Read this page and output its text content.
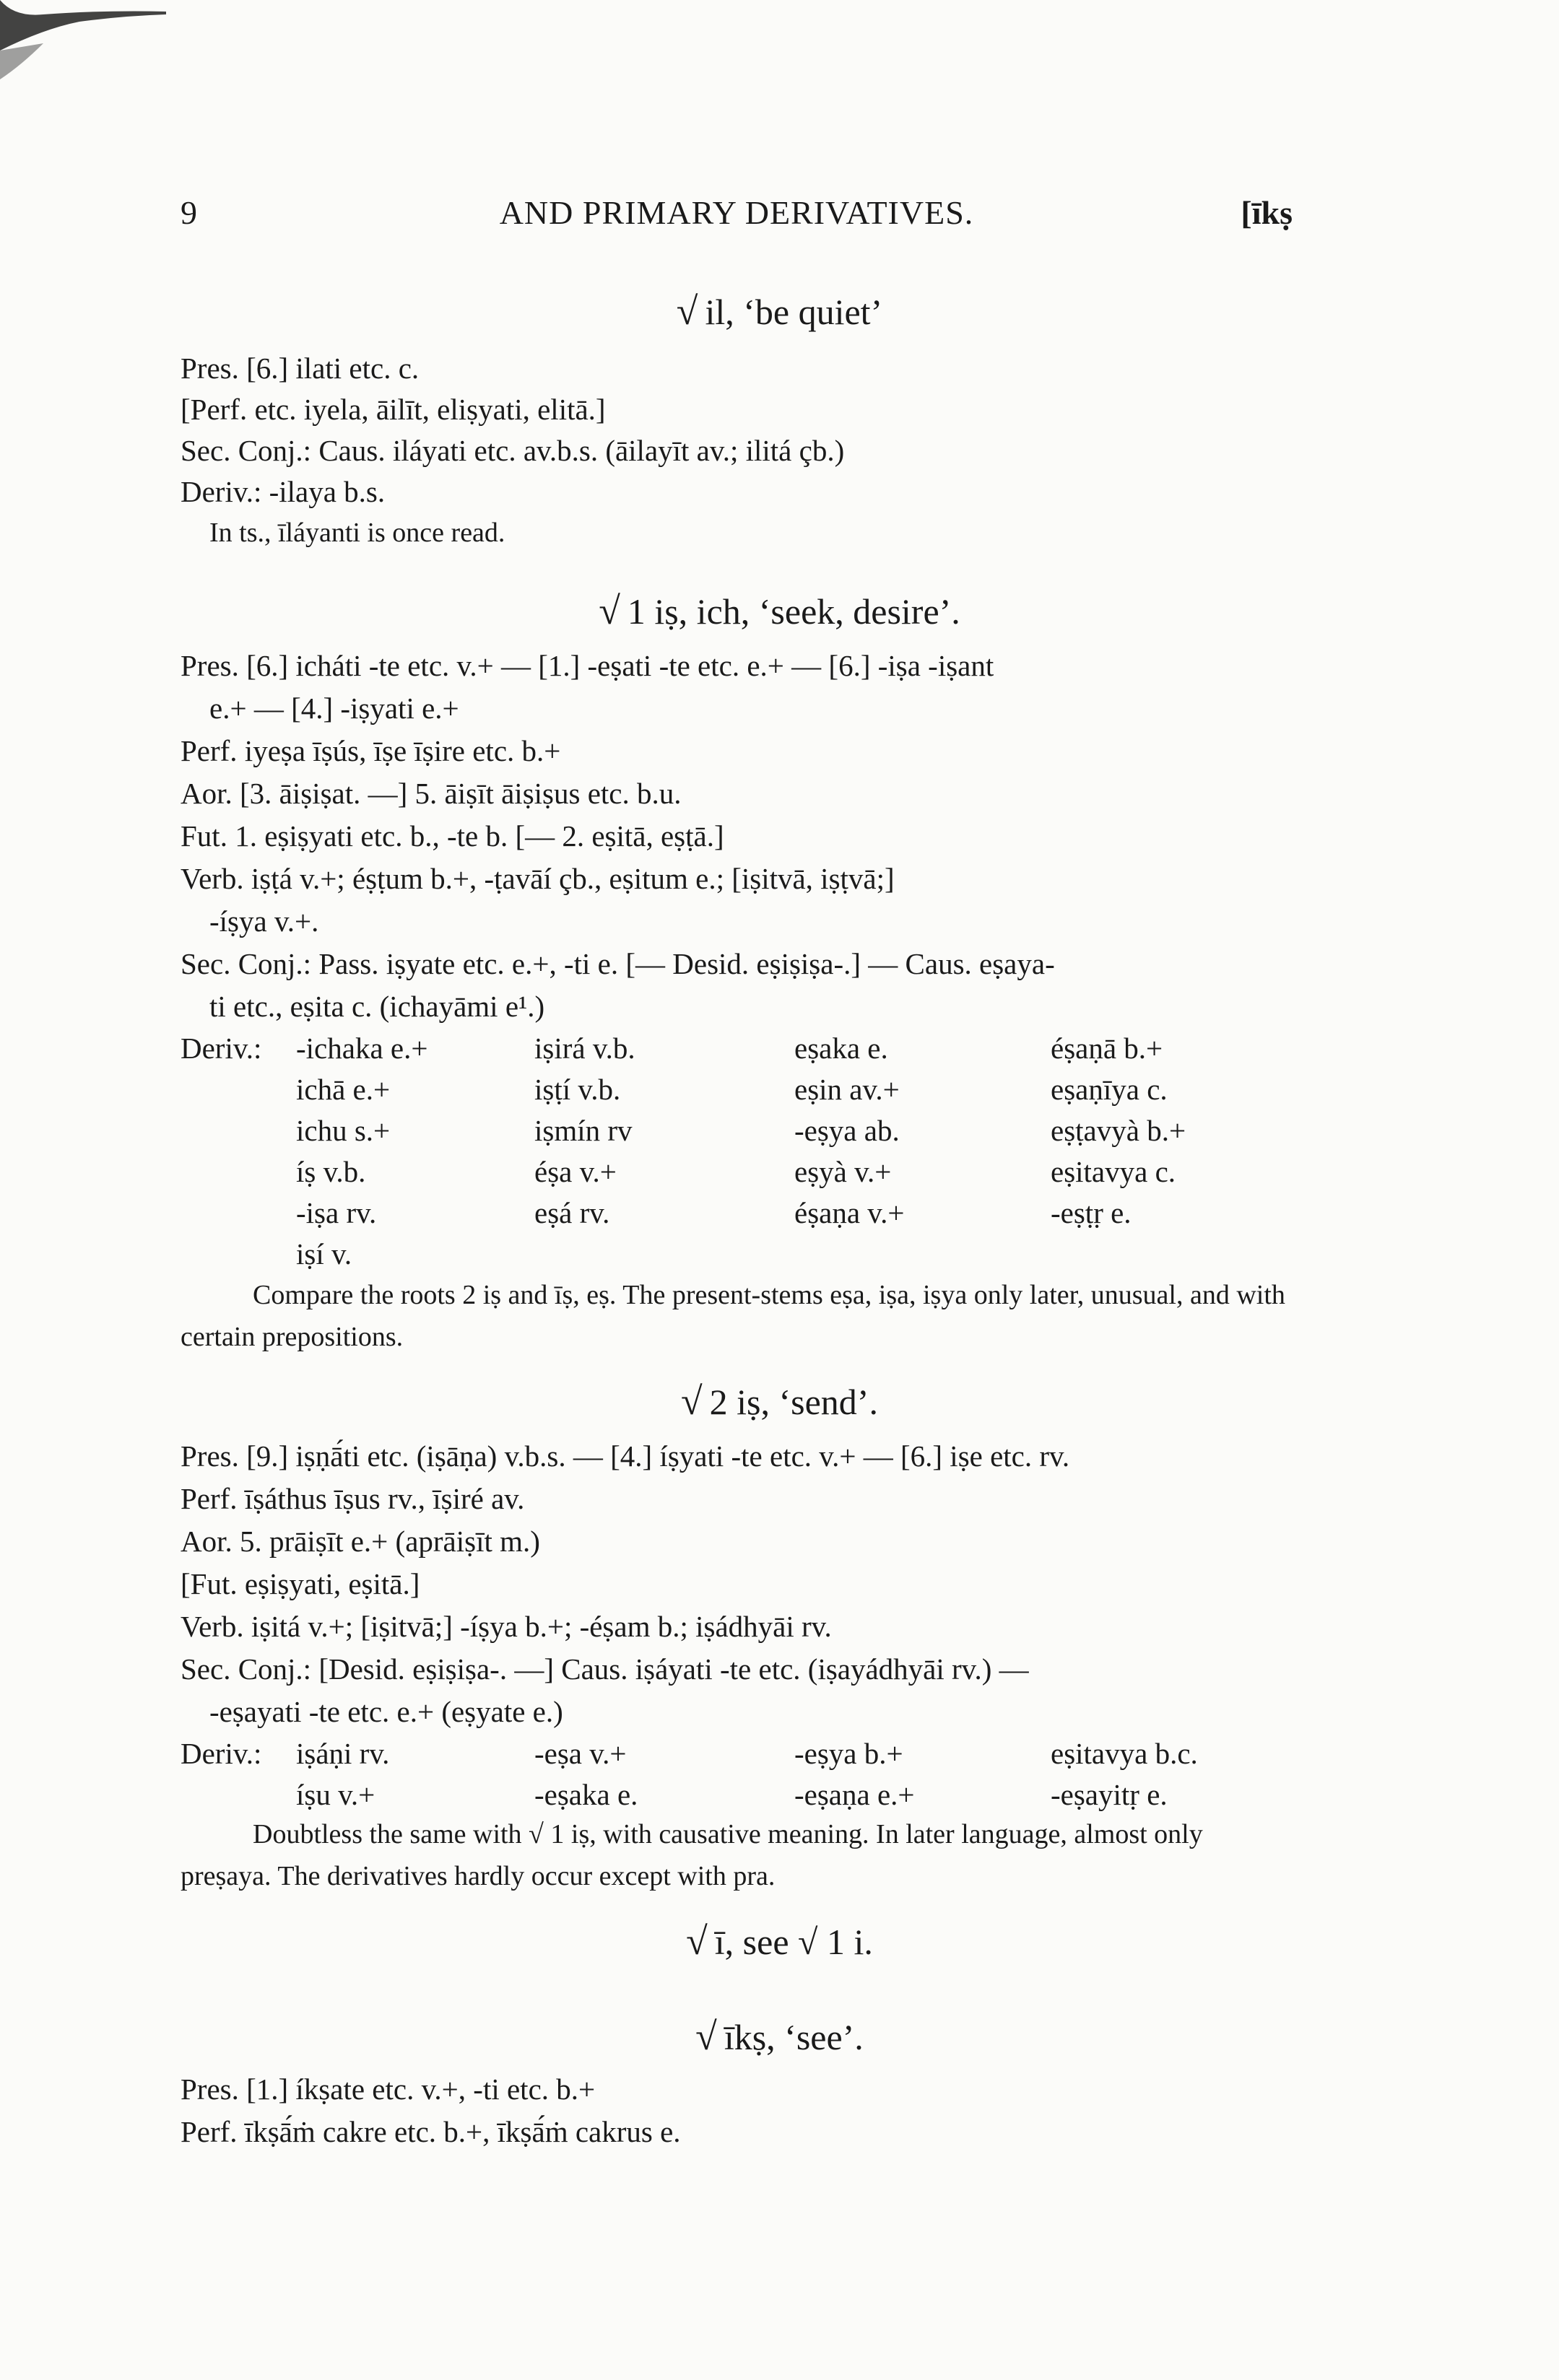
9	AND PRIMARY DERIVATIVES.	[īkṣ
√ il, ‘be quiet’
Pres. [6.] ilati etc. c.
[Perf. etc. iyela, āilīt, eliṣyati, elitā.]
Sec. Conj.: Caus. iláyati etc. av.b.s. (āilayīt av.; ilitá çb.)
Deriv.: -ilaya b.s.
In ts., īláyanti is once read.
√ 1 iṣ, ich, ‘seek, desire’.
Pres. [6.] icháti -te etc. v.+ — [1.] -eṣati -te etc. e.+ — [6.] -iṣa -iṣant
e.+ — [4.] -iṣyati e.+
Perf. iyeṣa īṣús, īṣe īṣire etc. b.+
Aor. [3. āiṣiṣat. —] 5. āiṣīt āiṣiṣus etc. b.u.
Fut. 1. eṣiṣyati etc. b., -te b. [— 2. eṣitā, eṣṭā.]
Verb. iṣṭá v.+; éṣṭum b.+, -ṭavāí çb., eṣitum e.; [iṣitvā, iṣṭvā;]
-íṣya v.+.
Sec. Conj.: Pass. iṣyate etc. e.+, -ti e. [— Desid. eṣiṣiṣa-.] — Caus. eṣaya-
ti etc., eṣita c. (ichayāmi e¹.)
Deriv.: -ichaka e.+
ichā e.+
ichu s.+
íṣ v.b.
-iṣa rv.
iṣí v.
iṣirá v.b.
iṣṭí v.b.
iṣmín rv
éṣa v.+
eṣá rv.
eṣaka e.
eṣin av.+
-eṣya ab.
eṣyà v.+
éṣaṇa v.+
éṣaṇā b.+
eṣaṇīya c.
eṣṭavyà b.+
eṣitavya c.
-eṣṭṛ e.
Compare the roots 2 iṣ and īṣ, eṣ. The present-stems eṣa, iṣa, iṣya only later, unusual, and with certain prepositions.
√ 2 iṣ, ‘send’.
Pres. [9.] iṣṇā́ti etc. (iṣāṇa) v.b.s. — [4.] íṣyati -te etc. v.+ — [6.] iṣe etc. rv.
Perf. īṣáthus īṣus rv., īṣiré av.
Aor. 5. prāiṣīt e.+ (aprāiṣīt m.)
[Fut. eṣiṣyati, eṣitā.]
Verb. iṣitá v.+; [iṣitvā;] -íṣya b.+; -éṣam b.; iṣádhyāi rv.
Sec. Conj.: [Desid. eṣiṣiṣa-. —] Caus. iṣáyati -te etc. (iṣayádhyāi rv.) —
-eṣayati -te etc. e.+ (eṣyate e.)
Deriv.: iṣáṇi rv.
íṣu v.+
-eṣa v.+
-eṣaka e.
-eṣya b.+
-eṣaṇa e.+
eṣitavya b.c.
-eṣayitṛ e.
Doubtless the same with √ 1 iṣ, with causative meaning. In later language, almost only preṣaya. The derivatives hardly occur except with pra.
√ ī, see √ 1 i.
√ īkṣ, ‘see’.
Pres. [1.] íkṣate etc. v.+, -ti etc. b.+
Perf. īkṣā́ṁ cakre etc. b.+, īkṣā́ṁ cakrus e.
